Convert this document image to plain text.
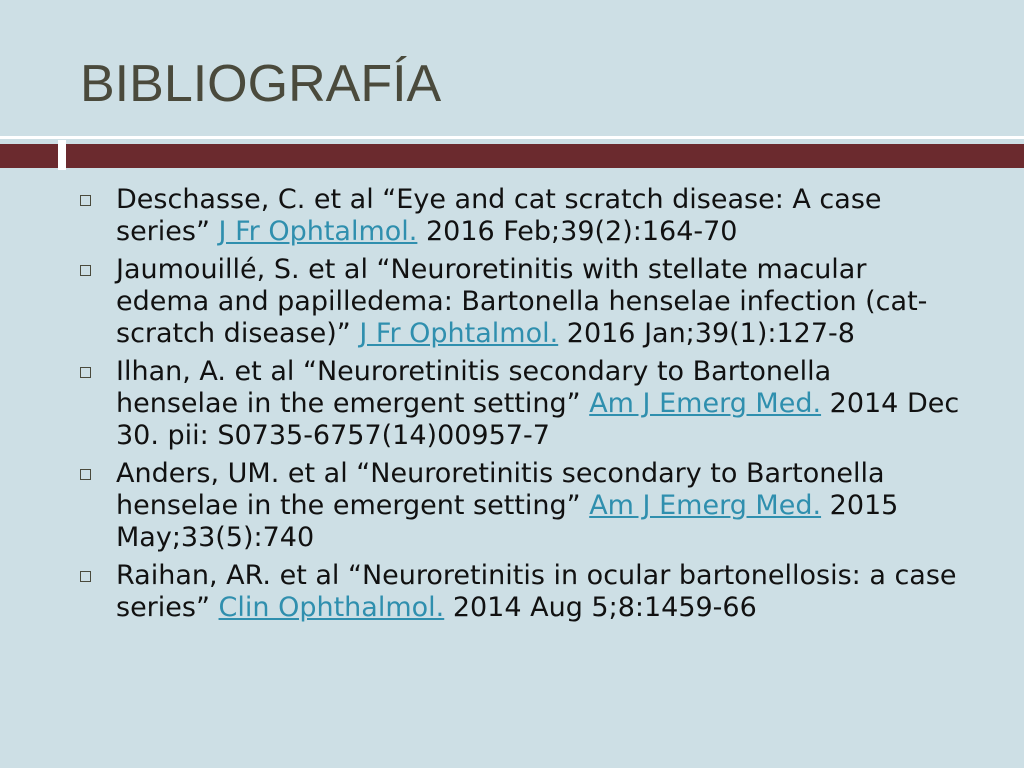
BIBLIOGRAFÍA
Deschasse, C. et al “Eye and cat scratch disease: A case series” J Fr Ophtalmol. 2016 Feb;39(2):164-70
Jaumouillé, S. et al “Neuroretinitis with stellate macular edema and papilledema: Bartonella henselae infection (cat-scratch disease)” J Fr Ophtalmol. 2016 Jan;39(1):127-8
Ilhan, A. et al “Neuroretinitis secondary to Bartonella henselae in the emergent setting” Am J Emerg Med. 2014 Dec 30. pii: S0735-6757(14)00957-7
Anders, UM. et al “Neuroretinitis secondary to Bartonella henselae in the emergent setting” Am J Emerg Med. 2015 May;33(5):740
Raihan, AR. et al “Neuroretinitis in ocular bartonellosis: a case series” Clin Ophthalmol. 2014 Aug 5;8:1459-66
